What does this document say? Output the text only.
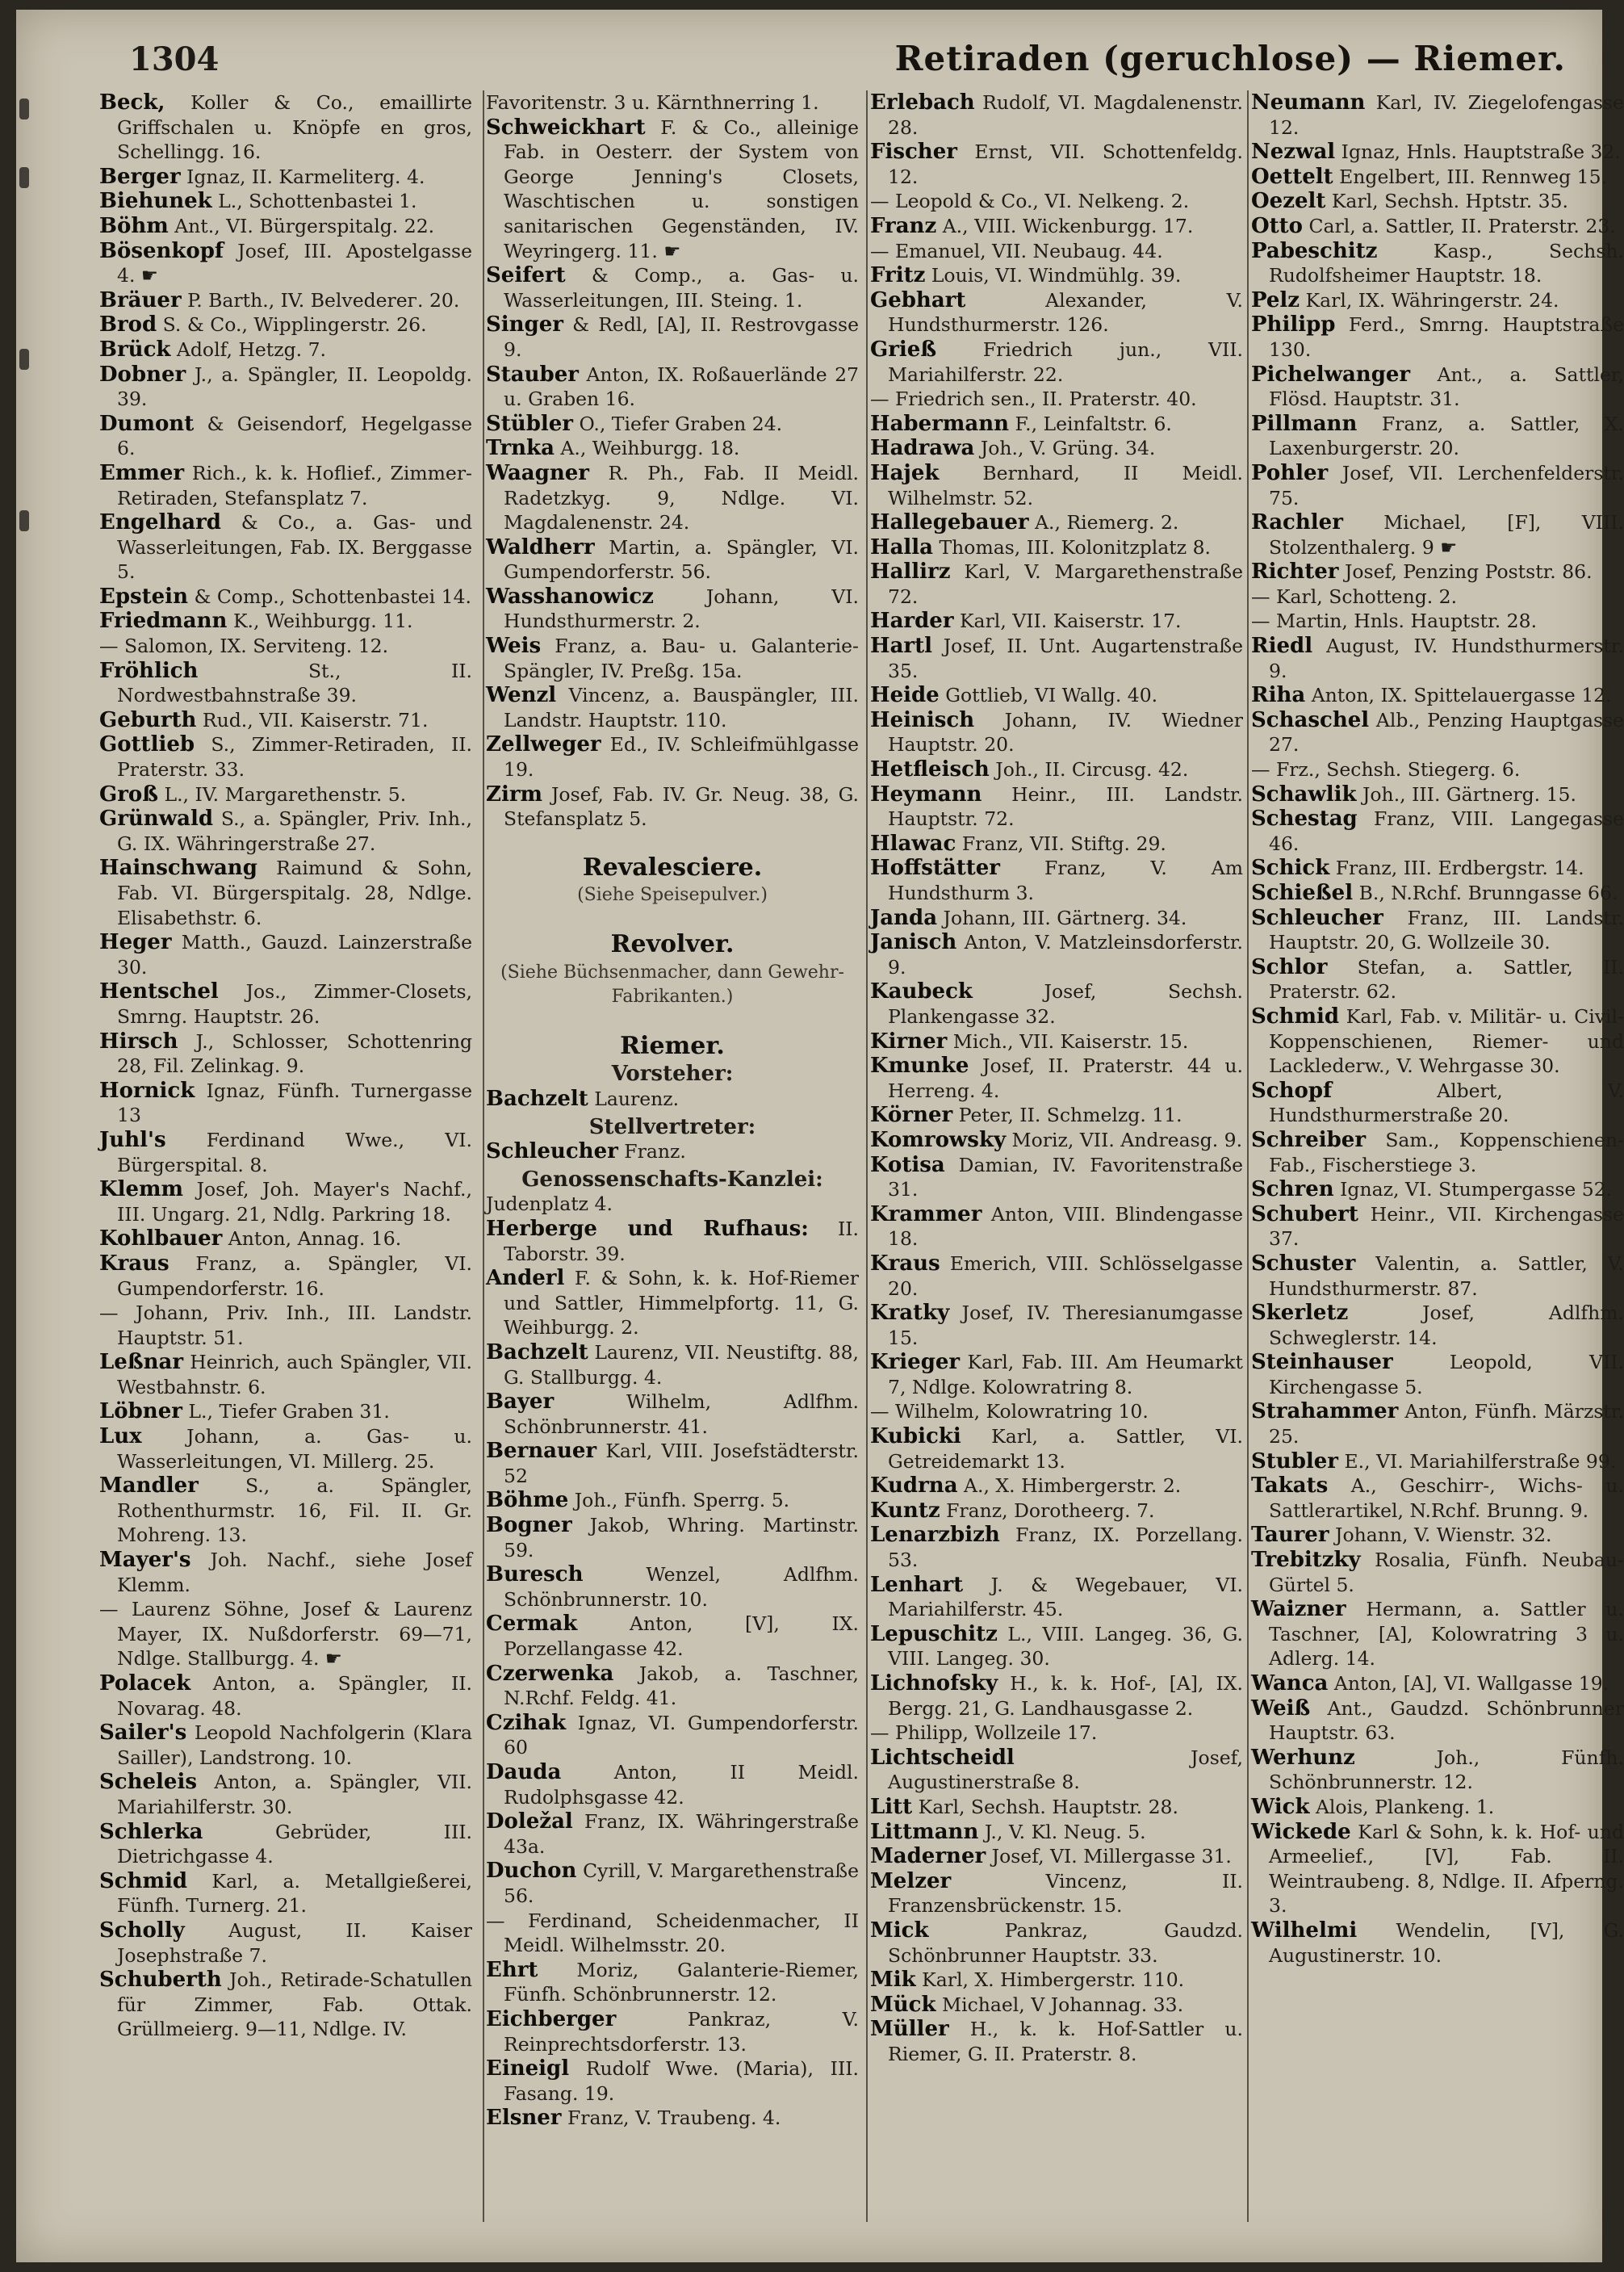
1304	Retiraden (geruchlose) — Riemer.
Beck, Koller & Co., emaillirte Griffschalen u. Knöpfe en gros, Schellingg. 16.
Berger Ignaz, II. Karmeliterg. 4.
Biehunek L., Schottenbastei 1.
Böhm Ant., VI. Bürgerspitalg. 22.
Bösenkopf Josef, III. Apostelgasse 4. ☛
Bräuer P. Barth., IV. Belvederег. 20.
Brod S. & Co., Wipplingerstr. 26.
Brück Adolf, Hetzg. 7.
Dobner J., a. Spängler, II. Leopoldg. 39.
Dumont & Geisendorf, Hegelgasse 6.
Emmer Rich., k. k. Hoflief., Zimmer-Retiraden, Stefansplatz 7.
Engelhard & Co., a. Gas- und Wasserleitungen, Fab. IX. Berggasse 5.
Epstein & Comp., Schottenbastei 14.
Friedmann K., Weihburgg. 11.
— Salomon, IX. Serviteng. 12.
Fröhlich St., II. Nordwestbahnstraße 39.
Geburth Rud., VII. Kaiserstr. 71.
Gottlieb S., Zimmer-Retiraden, II. Praterstr. 33.
Groß L., IV. Margarethenstr. 5.
Grünwald S., a. Spängler, Priv. Inh., G. IX. Währingerstraße 27.
Hainschwang Raimund & Sohn, Fab. VI. Bürgerspitalg. 28, Ndlge. Elisabethstr. 6.
Heger Matth., Gauzd. Lainzerstraße 30.
Hentschel Jos., Zimmer-Closets, Smrng. Hauptstr. 26.
Hirsch J., Schlosser, Schottenring 28, Fil. Zelinkag. 9.
Hornick Ignaz, Fünfh. Turnergasse 13
Juhl's Ferdinand Wwe., VI. Bürgerspital. 8.
Klemm Josef, Joh. Mayer's Nachf., III. Ungarg. 21, Ndlg. Parkring 18.
Kohlbauer Anton, Annag. 16.
Kraus Franz, a. Spängler, VI. Gumpendorferstr. 16.
— Johann, Priv. Inh., III. Landstr. Hauptstr. 51.
Leßnar Heinrich, auch Spängler, VII. Westbahnstr. 6.
Löbner L., Tiefer Graben 31.
Lux Johann, a. Gas- u. Wasserleitungen, VI. Millerg. 25.
Mandler S., a. Spängler, Rothenthurmstr. 16, Fil. II. Gr. Mohreng. 13.
Mayer's Joh. Nachf., siehe Josef Klemm.
— Laurenz Söhne, Josef & Laurenz Mayer, IX. Nußdorferstr. 69—71, Ndlge. Stallburgg. 4. ☛
Polacek Anton, a. Spängler, II. Novarag. 48.
Sailer's Leopold Nachfolgerin (Klara Sailler), Landstrong. 10.
Scheleis Anton, a. Spängler, VII. Mariahilferstr. 30.
Schlerka Gebrüder, III. Dietrichgasse 4.
Schmid Karl, a. Metallgießerei, Fünfh. Turnerg. 21.
Scholly August, II. Kaiser Josephstraße 7.
Schuberth Joh., Retirade-Schatullen für Zimmer, Fab. Ottak. Grüllmeierg. 9—11, Ndlge. IV.
Favoritenstr. 3 u. Kärnthnerring 1.
Schweickhart F. & Co., alleinige Fab. in Oesterr. der System von George Jenning's Closets, Waschtischen u. sonstigen sanitarischen Gegenständen, IV. Weyringerg. 11. ☛
Seifert & Comp., a. Gas- u. Wasserleitungen, III. Steing. 1.
Singer & Redl, [A], II. Restrovgasse 9.
Stauber Anton, IX. Roßauerlände 27 u. Graben 16.
Stübler O., Tiefer Graben 24.
Trnka A., Weihburgg. 18.
Waagner R. Ph., Fab. II Meidl. Radetzkyg. 9, Ndlge. VI. Magdalenenstr. 24.
Waldherr Martin, a. Spängler, VI. Gumpendorferstr. 56.
Wasshanowicz Johann, VI. Hundsthurmerstr. 2.
Weis Franz, a. Bau- u. Galanterie-Spängler, IV. Preßg. 15a.
Wenzl Vincenz, a. Bauspängler, III. Landstr. Hauptstr. 110.
Zellweger Ed., IV. Schleifmühlgasse 19.
Zirm Josef, Fab. IV. Gr. Neug. 38, G. Stefansplatz 5.
Revalesciere.
(Siehe Speisepulver.)
Revolver.
(Siehe Büchsenmacher, dann Gewehr-Fabrikanten.)
Riemer.
Vorsteher:
Bachzelt Laurenz.
Stellvertreter:
Schleucher Franz.
Genossenschafts-Kanzlei:
Judenplatz 4.
Herberge und Rufhaus: II. Taborstr. 39.
Anderl F. & Sohn, k. k. Hof-Riemer und Sattler, Himmelpfortg. 11, G. Weihburgg. 2.
Bachzelt Laurenz, VII. Neustiftg. 88, G. Stallburgg. 4.
Bayer Wilhelm, Adlfhm. Schönbrunnerstr. 41.
Bernauer Karl, VIII. Josefstädterstr. 52
Böhme Joh., Fünfh. Sperrg. 5.
Bogner Jakob, Whring. Martinstr. 59.
Buresch Wenzel, Adlfhm. Schönbrunnerstr. 10.
Cermak Anton, [V], IX. Porzellangasse 42.
Czerwenka Jakob, a. Taschner, N.Rchf. Feldg. 41.
Czihak Ignaz, VI. Gumpendorferstr. 60
Dauda Anton, II Meidl. Rudolphsgasse 42.
Doležal Franz, IX. Währingerstraße 43a.
Duchon Cyrill, V. Margarethenstraße 56.
— Ferdinand, Scheidenmacher, II Meidl. Wilhelmsstr. 20.
Ehrt Moriz, Galanterie-Riemer, Fünfh. Schönbrunnerstr. 12.
Eichberger Pankraz, V. Reinprechtsdorferstr. 13.
Eineigl Rudolf Wwe. (Maria), III. Fasang. 19.
Elsner Franz, V. Traubeng. 4.
Erlebach Rudolf, VI. Magdalenenstr. 28.
Fischer Ernst, VII. Schottenfeldg. 12.
— Leopold & Co., VI. Nelkeng. 2.
Franz A., VIII. Wickenburgg. 17.
— Emanuel, VII. Neubaug. 44.
Fritz Louis, VI. Windmühlg. 39.
Gebhart Alexander, V. Hundsthurmerstr. 126.
Grieß Friedrich jun., VII. Mariahilferstr. 22.
— Friedrich sen., II. Praterstr. 40.
Habermann F., Leinfaltstr. 6.
Hadrawa Joh., V. Grüng. 34.
Hajek Bernhard, II Meidl. Wilhelmstr. 52.
Hallegebauer A., Riemerg. 2.
Halla Thomas, III. Kolonitzplatz 8.
Hallirz Karl, V. Margarethenstraße 72.
Harder Karl, VII. Kaiserstr. 17.
Hartl Josef, II. Unt. Augartenstraße 35.
Heide Gottlieb, VI Wallg. 40.
Heinisch Johann, IV. Wiedner Hauptstr. 20.
Hetfleisch Joh., II. Circusg. 42.
Heymann Heinr., III. Landstr. Hauptstr. 72.
Hlawac Franz, VII. Stiftg. 29.
Hoffstätter Franz, V. Am Hundsthurm 3.
Janda Johann, III. Gärtnerg. 34.
Janisch Anton, V. Matzleinsdorferstr. 9.
Kaubeck Josef, Sechsh. Plankengasse 32.
Kirner Mich., VII. Kaiserstr. 15.
Kmunke Josef, II. Praterstr. 44 u. Herreng. 4.
Körner Peter, II. Schmelzg. 11.
Komrowsky Moriz, VII. Andreasg. 9.
Kotisa Damian, IV. Favoritenstraße 31.
Krammer Anton, VIII. Blindengasse 18.
Kraus Emerich, VIII. Schlösselgasse 20.
Kratky Josef, IV. Theresianumgasse 15.
Krieger Karl, Fab. III. Am Heumarkt 7, Ndlge. Kolowratring 8.
— Wilhelm, Kolowratring 10.
Kubicki Karl, a. Sattler, VI. Getreidemarkt 13.
Kudrna A., X. Himbergerstr. 2.
Kuntz Franz, Dorotheerg. 7.
Lenarzbizh Franz, IX. Porzellang. 53.
Lenhart J. & Wegebauer, VI. Mariahilferstr. 45.
Lepuschitz L., VIII. Langeg. 36, G. VIII. Langeg. 30.
Lichnofsky H., k. k. Hof-, [A], IX. Bergg. 21, G. Landhausgasse 2.
— Philipp, Wollzeile 17.
Lichtscheidl Josef, Augustinerstraße 8.
Litt Karl, Sechsh. Hauptstr. 28.
Littmann J., V. Kl. Neug. 5.
Maderner Josef, VI. Millergasse 31.
Melzer Vincenz, II. Franzensbrückenstr. 15.
Mick Pankraz, Gaudzd. Schönbrunner Hauptstr. 33.
Mik Karl, X. Himbergerstr. 110.
Mück Michael, V Johannag. 33.
Müller H., k. k. Hof-Sattler u. Riemer, G. II. Praterstr. 8.
Neumann Karl, IV. Ziegelofengasse 12.
Nezwal Ignaz, Hnls. Hauptstraße 32.
Oettelt Engelbert, III. Rennweg 15.
Oezelt Karl, Sechsh. Hptstr. 35.
Otto Carl, a. Sattler, II. Praterstr. 23.
Pabeschitz Kasp., Sechsh. Rudolfsheimer Hauptstr. 18.
Pelz Karl, IX. Währingerstr. 24.
Philipp Ferd., Smrng. Hauptstraße 130.
Pichelwanger Ant., a. Sattler, Flösd. Hauptstr. 31.
Pillmann Franz, a. Sattler, X. Laxenburgerstr. 20.
Pohler Josef, VII. Lerchenfelderstr. 75.
Rachler Michael, [F], VIII. Stolzenthalerg. 9 ☛
Richter Josef, Penzing Poststr. 86.
— Karl, Schotteng. 2.
— Martin, Hnls. Hauptstr. 28.
Riedl August, IV. Hundsthurmerstr. 9.
Riha Anton, IX. Spittelauergasse 12.
Schaschel Alb., Penzing Hauptgasse 27.
— Frz., Sechsh. Stiegerg. 6.
Schawlik Joh., III. Gärtnerg. 15.
Schestag Franz, VIII. Langegasse 46.
Schick Franz, III. Erdbergstr. 14.
Schießel B., N.Rchf. Brunngasse 66.
Schleucher Franz, III. Landstr. Hauptstr. 20, G. Wollzeile 30.
Schlor Stefan, a. Sattler, II. Praterstr. 62.
Schmid Karl, Fab. v. Militär- u. Civil-Koppenschienen, Riemer- und Lacklederw., V. Wehrgasse 30.
Schopf Albert, V. Hundsthurmerstraße 20.
Schreiber Sam., Koppenschienen-Fab., Fischerstiege 3.
Schren Ignaz, VI. Stumpergasse 52.
Schubert Heinr., VII. Kirchengasse 37.
Schuster Valentin, a. Sattler, V. Hundsthurmerstr. 87.
Skerletz Josef, Adlfhm. Schweglerstr. 14.
Steinhauser Leopold, VII. Kirchengasse 5.
Strahammer Anton, Fünfh. Märzstr. 25.
Stubler E., VI. Mariahilferstraße 99.
Takats A., Geschirr-, Wichs- u. Sattlerartikel, N.Rchf. Brunng. 9.
Taurer Johann, V. Wienstr. 32.
Trebitzky Rosalia, Fünfh. Neubau-Gürtel 5.
Waizner Hermann, a. Sattler u. Taschner, [A], Kolowratring 3 u. Adlerg. 14.
Wanca Anton, [A], VI. Wallgasse 19.
Weiß Ant., Gaudzd. Schönbrunner Hauptstr. 63.
Werhunz Joh., Fünfh. Schönbrunnerstr. 12.
Wick Alois, Plankeng. 1.
Wickede Karl & Sohn, k. k. Hof- und Armeelief., [V], Fab. II. Weintraubeng. 8, Ndlge. II. Afperng. 3.
Wilhelmi Wendelin, [V], G. Augustinerstr. 10.
